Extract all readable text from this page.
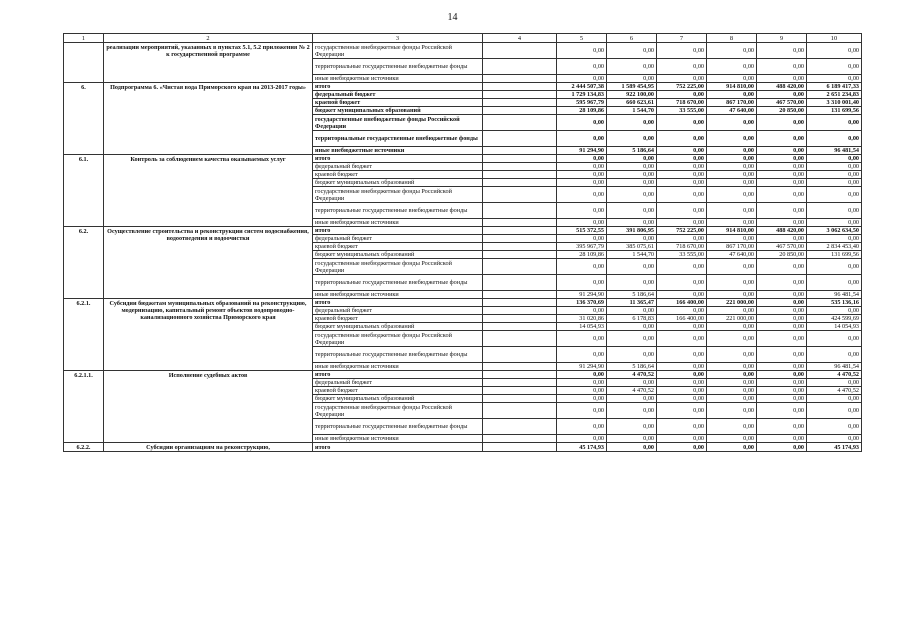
14
1	2	3	4	5	6	7	8	9	10
	реализации мероприятий, указанных в пунктах 5.1, 5.2 приложения № 2 к государственной программе	государственные внебюджетные фонды Российской Федерации		0,00	0,00	0,00	0,00	0,00	0,00
		территориальные государственные внебюджетные фонды		0,00	0,00	0,00	0,00	0,00	0,00
		иные внебюджетные источники		0,00	0,00	0,00	0,00	0,00	0,00
6.	Подпрограмма 6. «Чистая вода Приморского края на 2013-2017 годы»	итого		2 444 507,38	1 589 454,95	752 225,00	914 810,00	488 420,00	6 189 417,33
		федеральный бюджет		1 729 134,83	922 100,00	0,00	0,00	0,00	2 651 234,83
		краевой бюджет		595 967,79	660 623,61	718 670,00	867 170,00	467 570,00	3 310 001,40
		бюджет муниципальных образований		28 109,86	1 544,70	33 555,00	47 640,00	20 850,00	131 699,56
		государственные внебюджетные фонды Российской Федерации		0,00	0,00	0,00	0,00	0,00	0,00
		территориальные государственные внебюджетные фонды		0,00	0,00	0,00	0,00	0,00	0,00
		иные внебюджетные источники		91 294,90	5 186,64	0,00	0,00	0,00	96 481,54
6.1.	Контроль за соблюдением качества оказываемых услуг	итого		0,00	0,00	0,00	0,00	0,00	0,00
		федеральный бюджет		0,00	0,00	0,00	0,00	0,00	0,00
		краевой бюджет		0,00	0,00	0,00	0,00	0,00	0,00
		бюджет муниципальных образований		0,00	0,00	0,00	0,00	0,00	0,00
		государственные внебюджетные фонды Российской Федерации		0,00	0,00	0,00	0,00	0,00	0,00
		территориальные государственные внебюджетные фонды		0,00	0,00	0,00	0,00	0,00	0,00
		иные внебюджетные источники		0,00	0,00	0,00	0,00	0,00	0,00
6.2.	Осуществление строительства и реконструкции систем водоснабжения, водоотведения и водоочистки	итого		515 372,55	391 806,95	752 225,00	914 810,00	488 420,00	3 062 634,50
		федеральный бюджет		0,00	0,00	0,00	0,00	0,00	0,00
		краевой бюджет		395 967,79	385 075,61	718 670,00	867 170,00	467 570,00	2 834 453,40
		бюджет муниципальных образований		28 109,86	1 544,70	33 555,00	47 640,00	20 850,00	131 699,56
		государственные внебюджетные фонды Российской Федерации		0,00	0,00	0,00	0,00	0,00	0,00
		территориальные государственные внебюджетные фонды		0,00	0,00	0,00	0,00	0,00	0,00
		иные внебюджетные источники		91 294,90	5 186,64	0,00	0,00	0,00	96 481,54
6.2.1.	Субсидии бюджетам муниципальных образований на реконструкцию, модернизацию, капитальный ремонт объектов водопроводно-канализационного хозяйства Приморского края	итого		136 370,69	11 365,47	166 400,00	221 000,00	0,00	535 136,16
		федеральный бюджет		0,00	0,00	0,00	0,00	0,00	0,00
		краевой бюджет		31 020,86	6 178,83	166 400,00	221 000,00	0,00	424 599,69
		бюджет муниципальных образований		14 054,93	0,00	0,00	0,00	0,00	14 054,93
		государственные внебюджетные фонды Российской Федерации		0,00	0,00	0,00	0,00	0,00	0,00
		территориальные государственные внебюджетные фонды		0,00	0,00	0,00	0,00	0,00	0,00
		иные внебюджетные источники		91 294,90	5 186,64	0,00	0,00	0,00	96 481,54
6.2.1.1.	Исполнение судебных актов	итого		0,00	4 470,52	0,00	0,00	0,00	4 470,52
		федеральный бюджет		0,00	0,00	0,00	0,00	0,00	0,00
		краевой бюджет		0,00	4 470,52	0,00	0,00	0,00	4 470,52
		бюджет муниципальных образований		0,00	0,00	0,00	0,00	0,00	0,00
		государственные внебюджетные фонды Российской Федерации		0,00	0,00	0,00	0,00	0,00	0,00
		территориальные государственные внебюджетные фонды		0,00	0,00	0,00	0,00	0,00	0,00
		иные внебюджетные источники		0,00	0,00	0,00	0,00	0,00	0,00
6.2.2.	Субсидии организациям на реконструкцию,	итого		45 174,93	0,00	0,00	0,00	0,00	45 174,93
